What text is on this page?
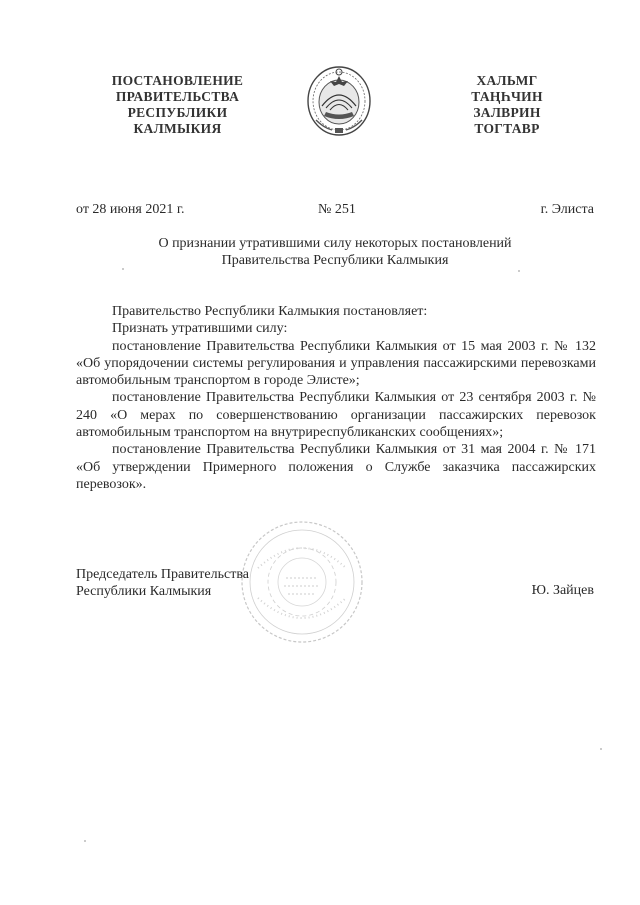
ПОСТАНОВЛЕНИЕ
ПРАВИТЕЛЬСТВА
РЕСПУБЛИКИ
КАЛМЫКИЯ
ХАЛЬМГ
ТАҢҺЧИН
ЗАЛВРИН
ТОГТАВР
от 28 июня 2021 г.	№ 251	г. Элиста
О признании утратившими силу некоторых постановлений
Правительства Республики Калмыкия

Правительство Республики Калмыкия постановляет:

Признать утратившими силу:

постановление Правительства Республики Калмыкия от 15 мая 2003 г. № 132 «Об упорядочении системы регулирования и управления пассажирскими перевозками автомобильным транспортом в городе Элисте»;

постановление Правительства Республики Калмыкия от 23 сентября 2003 г. № 240 «О мерах по совершенствованию организации пассажирских перевозок автомобильным транспортом на внутриреспубликанских сообщениях»;

постановление Правительства Республики Калмыкия от 31 мая 2004 г. № 171 «Об утверждении Примерного положения о Службе заказчика пассажирских перевозок».

Председатель Правительства
Республики Калмыкия	Ю. Зайцев
